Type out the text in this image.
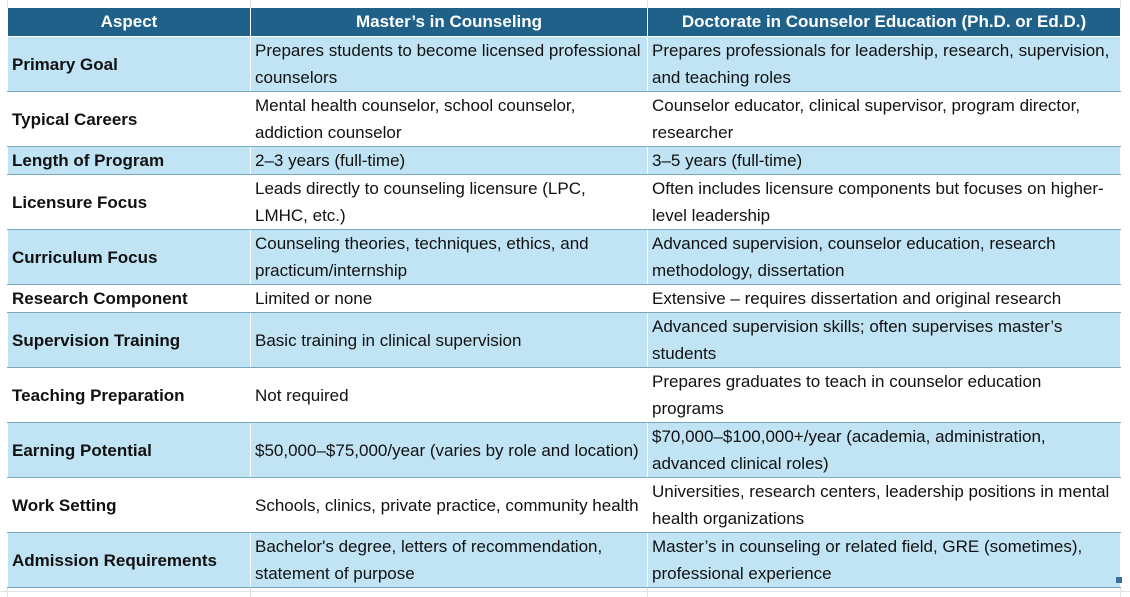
Aspect	Master’s in Counseling	Doctorate in Counselor Education (Ph.D. or Ed.D.)
Primary Goal	Prepares students to become licensed professional counselors	Prepares professionals for leadership, research, supervision, and teaching roles
Typical Careers	Mental health counselor, school counselor, addiction counselor	Counselor educator, clinical supervisor, program director, researcher
Length of Program	2–3 years (full-time)	3–5 years (full-time)
Licensure Focus	Leads directly to counseling licensure (LPC, LMHC, etc.)	Often includes licensure components but focuses on higher-level leadership
Curriculum Focus	Counseling theories, techniques, ethics, and practicum/internship	Advanced supervision, counselor education, research methodology, dissertation
Research Component	Limited or none	Extensive – requires dissertation and original research
Supervision Training	Basic training in clinical supervision	Advanced supervision skills; often supervises master’s students
Teaching Preparation	Not required	Prepares graduates to teach in counselor education programs
Earning Potential	$50,000–$75,000/year (varies by role and location)	$70,000–$100,000+/year (academia, administration, advanced clinical roles)
Work Setting	Schools, clinics, private practice, community health	Universities, research centers, leadership positions in mental health organizations
Admission Requirements	Bachelor's degree, letters of recommendation, statement of purpose	Master’s in counseling or related field, GRE (sometimes), professional experience
